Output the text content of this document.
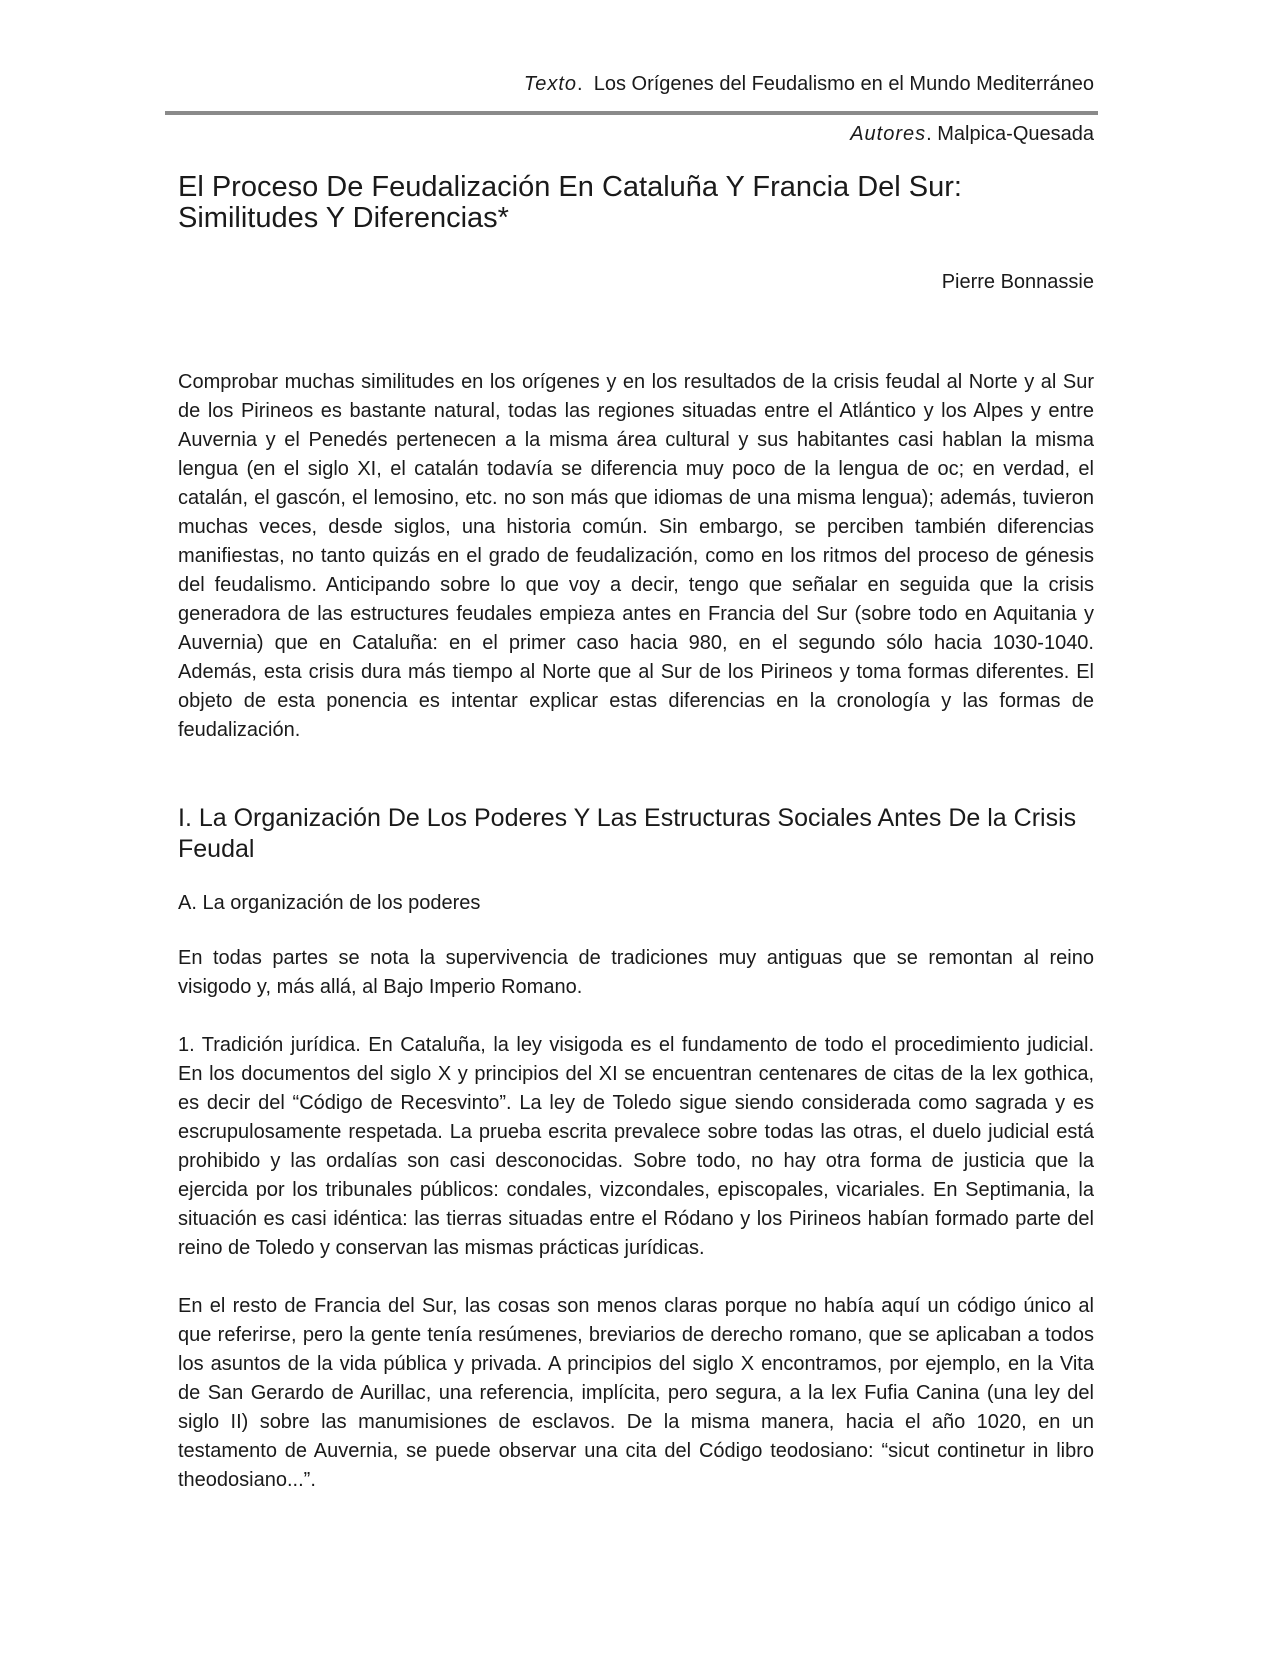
Texto.  Los Orígenes del Feudalismo en el Mundo Mediterráneo
Autores. Malpica-Quesada
El Proceso De Feudalización En Cataluña Y Francia Del Sur: Similitudes Y Diferencias*
Pierre Bonnassie

Comprobar muchas similitudes en los orígenes y en los resultados de la crisis feudal al Norte y al Sur de los Pirineos es bastante natural, todas las regiones situadas entre el Atlántico y los Alpes y entre Auvernia y el Penedés pertenecen a la misma área cultural y sus habitantes casi hablan la misma lengua (en el siglo XI, el catalán todavía se diferencia muy poco de la lengua de oc; en verdad, el catalán, el gascón, el lemosino, etc. no son más que idiomas de una misma lengua); además, tuvieron muchas veces, desde siglos, una historia común. Sin embargo, se perciben también diferencias manifiestas, no tanto quizás en el grado de feudalización, como en los ritmos del proceso de génesis del feudalismo. Anticipando sobre lo que voy a decir, tengo que señalar en seguida que la crisis generadora de las estructures feudales empieza antes en Francia del Sur (sobre todo en Aquitania y Auvernia) que en Cataluña: en el primer caso hacia 980, en el segundo sólo hacia 1030-1040. Además, esta crisis dura más tiempo al Norte que al Sur de los Pirineos y toma formas diferentes. El objeto de esta ponencia es intentar explicar estas diferencias en la cronología y las formas de feudalización.

I. La Organización De Los Poderes Y Las Estructuras Sociales Antes De la Crisis Feudal
A. La organización de los poderes

En todas partes se nota la supervivencia de tradiciones muy antiguas que se remontan al reino visigodo y, más allá, al Bajo Imperio Romano.

1. Tradición jurídica. En Cataluña, la ley visigoda es el fundamento de todo el procedimiento judicial. En los documentos del siglo X y principios del XI se encuentran centenares de citas de la lex gothica, es decir del “Código de Recesvinto”. La ley de Toledo sigue siendo considerada como sagrada y es escrupulosamente respetada. La prueba escrita prevalece sobre todas las otras, el duelo judicial está prohibido y las ordalías son casi desconocidas. Sobre todo, no hay otra forma de justicia que la ejercida por los tribunales públicos: condales, vizcondales, episcopales, vicariales. En Septimania, la situación es casi idéntica: las tierras situadas entre el Ródano y los Pirineos habían formado parte del reino de Toledo y conservan las mismas prácticas jurídicas.

En el resto de Francia del Sur, las cosas son menos claras porque no había aquí un código único al que referirse, pero la gente tenía resúmenes, breviarios de derecho romano, que se aplicaban a todos los asuntos de la vida pública y privada. A principios del siglo X encontramos, por ejemplo, en la Vita de San Gerardo de Aurillac, una referencia, implícita, pero segura, a la lex Fufia Canina (una ley del siglo II) sobre las manumisiones de esclavos. De la misma manera, hacia el año 1020, en un testamento de Auvernia, se puede observar una cita del Código teodosiano: “sicut continetur in libro theodosiano...”.
